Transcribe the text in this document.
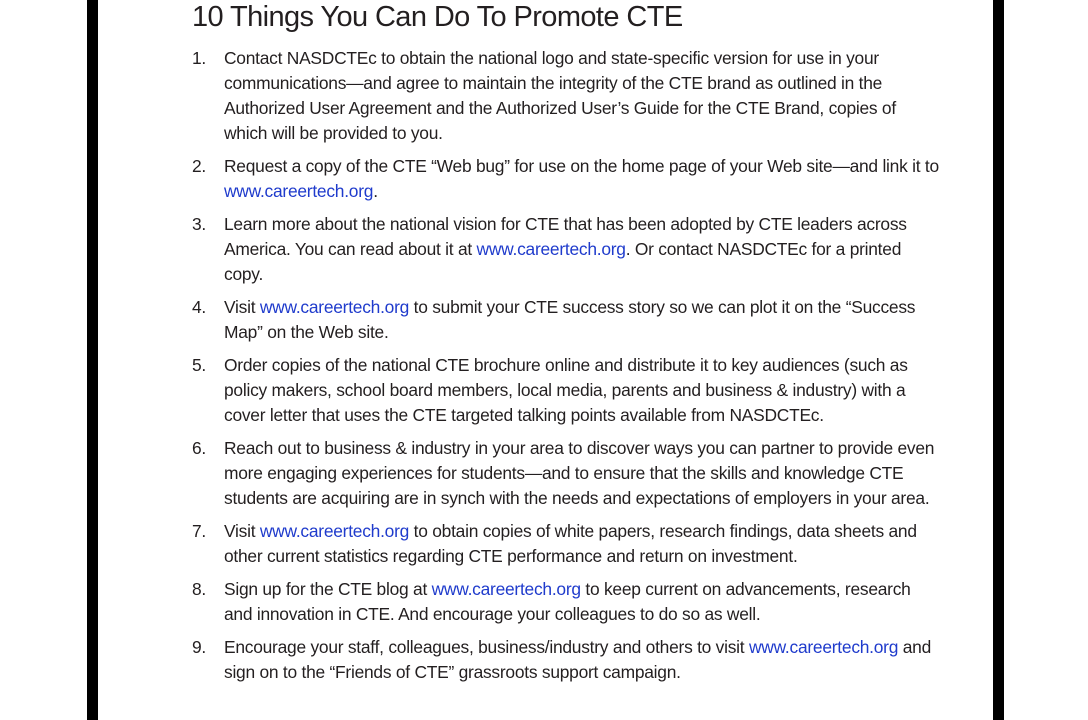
10 Things You Can Do To Promote CTE
1. Contact NASDCTEc to obtain the national logo and state-specific version for use in your communications—and agree to maintain the integrity of the CTE brand as outlined in the Authorized User Agreement and the Authorized User’s Guide for the CTE Brand, copies of which will be provided to you.
2. Request a copy of the CTE “Web bug” for use on the home page of your Web site—and link it to www.careertech.org.
3. Learn more about the national vision for CTE that has been adopted by CTE leaders across America. You can read about it at www.careertech.org. Or contact NASDCTEc for a printed copy.
4. Visit www.careertech.org to submit your CTE success story so we can plot it on the “Success Map” on the Web site.
5. Order copies of the national CTE brochure online and distribute it to key audiences (such as policy makers, school board members, local media, parents and business & industry) with a cover letter that uses the CTE targeted talking points available from NASDCTEc.
6. Reach out to business & industry in your area to discover ways you can partner to provide even more engaging experiences for students—and to ensure that the skills and knowledge CTE students are acquiring are in synch with the needs and expectations of employers in your area.
7. Visit www.careertech.org to obtain copies of white papers, research findings, data sheets and other current statistics regarding CTE performance and return on investment.
8. Sign up for the CTE blog at www.careertech.org to keep current on advancements, research and innovation in CTE. And encourage your colleagues to do so as well.
9. Encourage your staff, colleagues, business/industry and others to visit www.careertech.org and sign on to the “Friends of CTE” grassroots support campaign.
